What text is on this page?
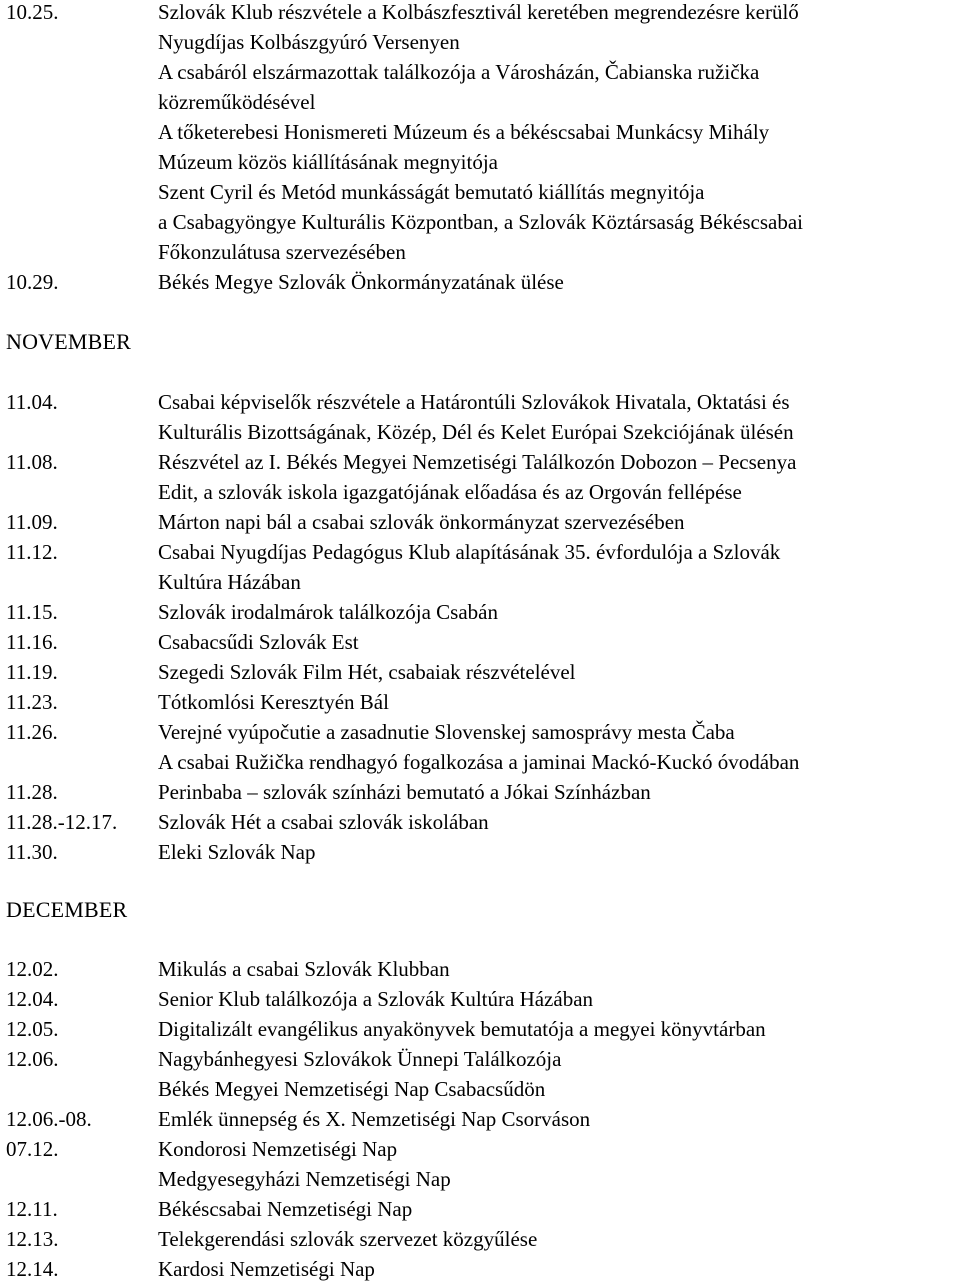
10.25.	Szlovák Klub részvétele a Kolbászfesztivál keretében megrendezésre kerülő
Nyugdíjas Kolbászgyúró Versenyen
A csabáról elszármazottak találkozója a Városházán, Čabianska ružička
közreműködésével
A tőketerebesi Honismereti Múzeum és a békéscsabai Munkácsy Mihály
Múzeum közös kiállításának megnyitója
Szent Cyril és Metód munkásságát bemutató kiállítás megnyitója
a Csabagyöngye Kulturális Központban, a Szlovák Köztársaság Békéscsabai
Főkonzulátusa szervezésében
10.29.	Békés Megye Szlovák Önkormányzatának ülése
NOVEMBER
11.04.	Csabai képviselők részvétele a Határontúli Szlovákok Hivatala, Oktatási és
Kulturális Bizottságának, Közép, Dél és Kelet Európai Szekciójának ülésén
11.08.	Részvétel az I. Békés Megyei Nemzetiségi Találkozón Dobozon – Pecsenya
Edit, a szlovák iskola igazgatójának előadása és az Orgován fellépése
11.09.	Márton napi bál a csabai szlovák önkormányzat szervezésében
11.12.	Csabai Nyugdíjas Pedagógus Klub alapításának 35. évfordulója a Szlovák
Kultúra Házában
11.15.	Szlovák irodalmárok találkozója Csabán
11.16.	Csabacsűdi Szlovák Est
11.19.	Szegedi Szlovák Film Hét, csabaiak részvételével
11.23.	Tótkomlósi Keresztyén Bál
11.26.	Verejné vyúpočutie a zasadnutie Slovenskej samosprávy mesta Čaba
A csabai Ružička rendhagyó fogalkozása a jaminai Mackó-Kuckó óvodában
11.28.	Perinbaba – szlovák színházi bemutató a Jókai Színházban
11.28.-12.17. Szlovák Hét a csabai szlovák iskolában
11.30.	Eleki Szlovák Nap
DECEMBER
12.02.	Mikulás a csabai Szlovák Klubban
12.04.	Senior Klub találkozója a Szlovák Kultúra Házában
12.05.	Digitalizált evangélikus anyakönyvek bemutatója a megyei könyvtárban
12.06.	Nagybánhegyesi Szlovákok Ünnepi Találkozója
Békés Megyei Nemzetiségi Nap Csabacsűdön
12.06.-08.	Emlék ünnepség és X. Nemzetiségi Nap Csorváson
07.12.	Kondorosi Nemzetiségi Nap
Medgyesegyházi Nemzetiségi Nap
12.11.	Békéscsabai Nemzetiségi Nap
12.13.	Telekgerendási szlovák szervezet közgyűlése
12.14.	Kardosi Nemzetiségi Nap
